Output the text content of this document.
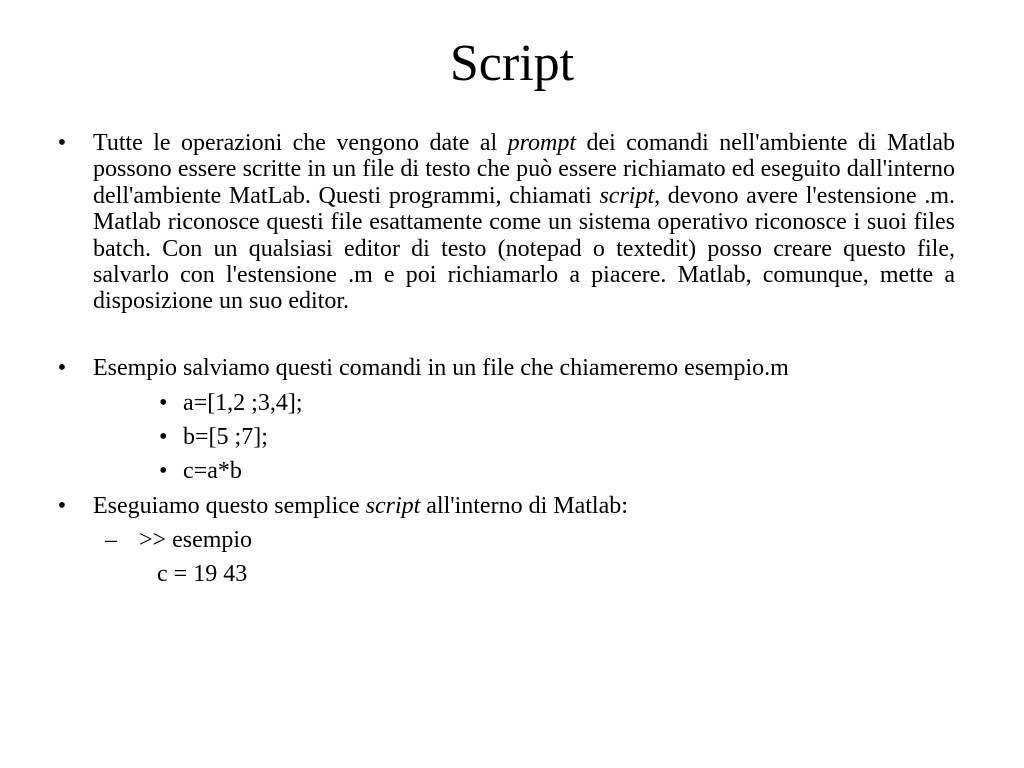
Script
• Tutte le operazioni che vengono date al prompt dei comandi nell'ambiente di Matlab possono essere scritte in un file di testo che può essere richiamato ed eseguito dall'interno dell'ambiente MatLab. Questi programmi, chiamati script, devono avere l'estensione .m. Matlab riconosce questi file esattamente come un sistema operativo riconosce i suoi files batch. Con un qualsiasi editor di testo (notepad o textedit) posso creare questo file, salvarlo con l'estensione .m e poi richiamarlo a piacere. Matlab, comunque, mette a disposizione un suo editor.
• Esempio salviamo questi comandi in un file che chiameremo esempio.m
• a=[1,2 ;3,4];
• b=[5 ;7];
• c=a*b
• Eseguiamo questo semplice script all'interno di Matlab:
– >> esempio
c = 19 43
